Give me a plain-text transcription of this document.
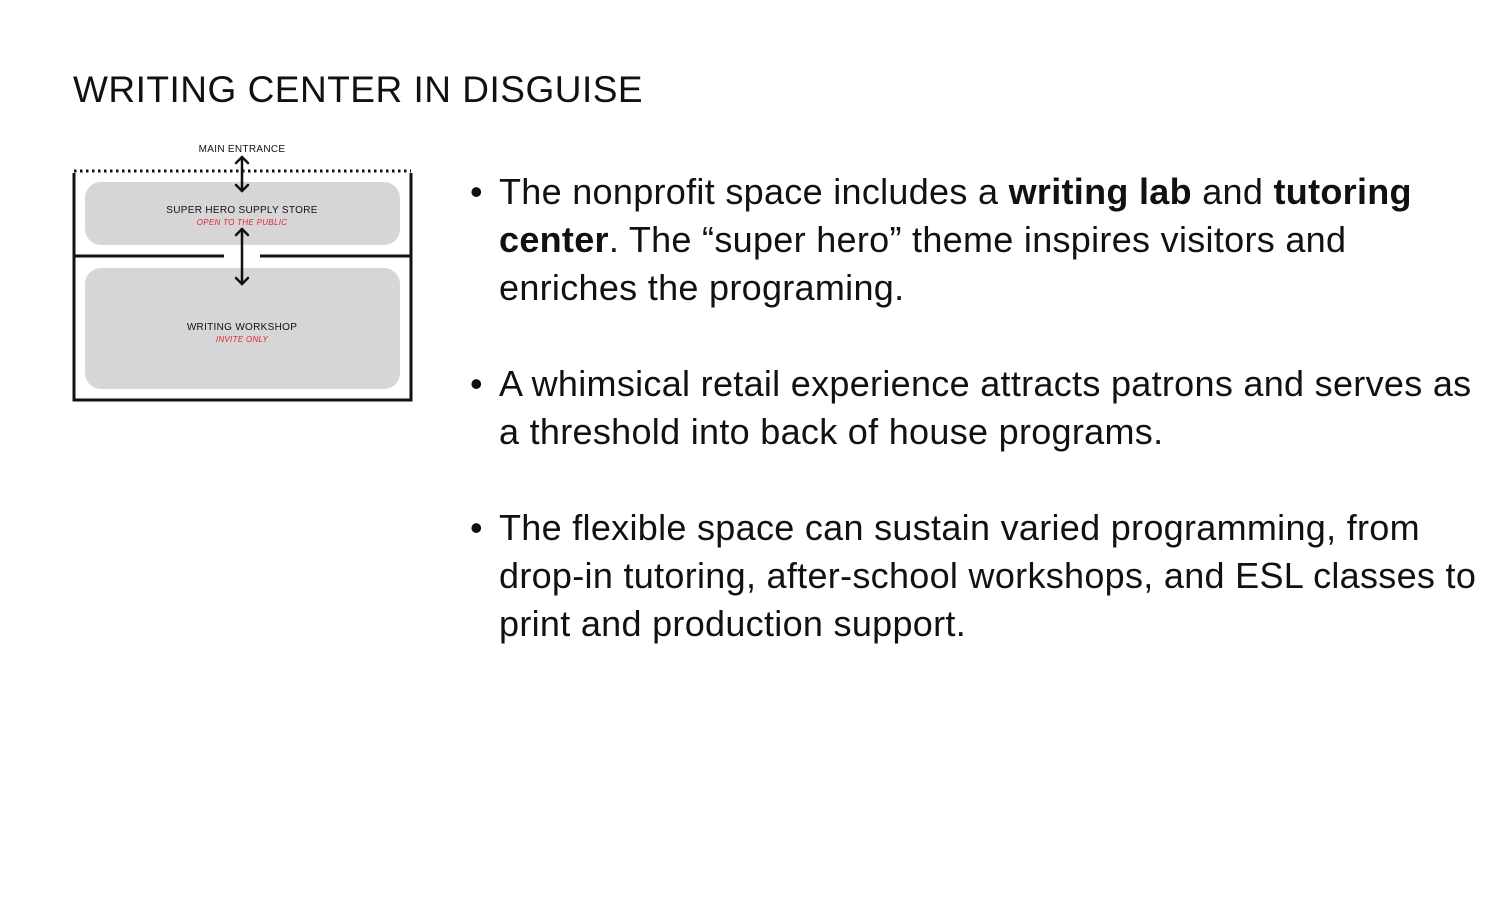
WRITING CENTER IN DISGUISE
MAIN ENTRANCE
SUPER HERO SUPPLY STORE
OPEN TO THE PUBLIC
WRITING WORKSHOP
INVITE ONLY
• The nonprofit space includes a writing lab and tutoring center. The “super hero” theme inspires visitors and enriches the programing.
• A whimsical retail experience attracts patrons and serves as a threshold into back of house programs.
• The flexible space can sustain varied programming, from drop-in tutoring, after-school workshops, and ESL classes to print and production support.
